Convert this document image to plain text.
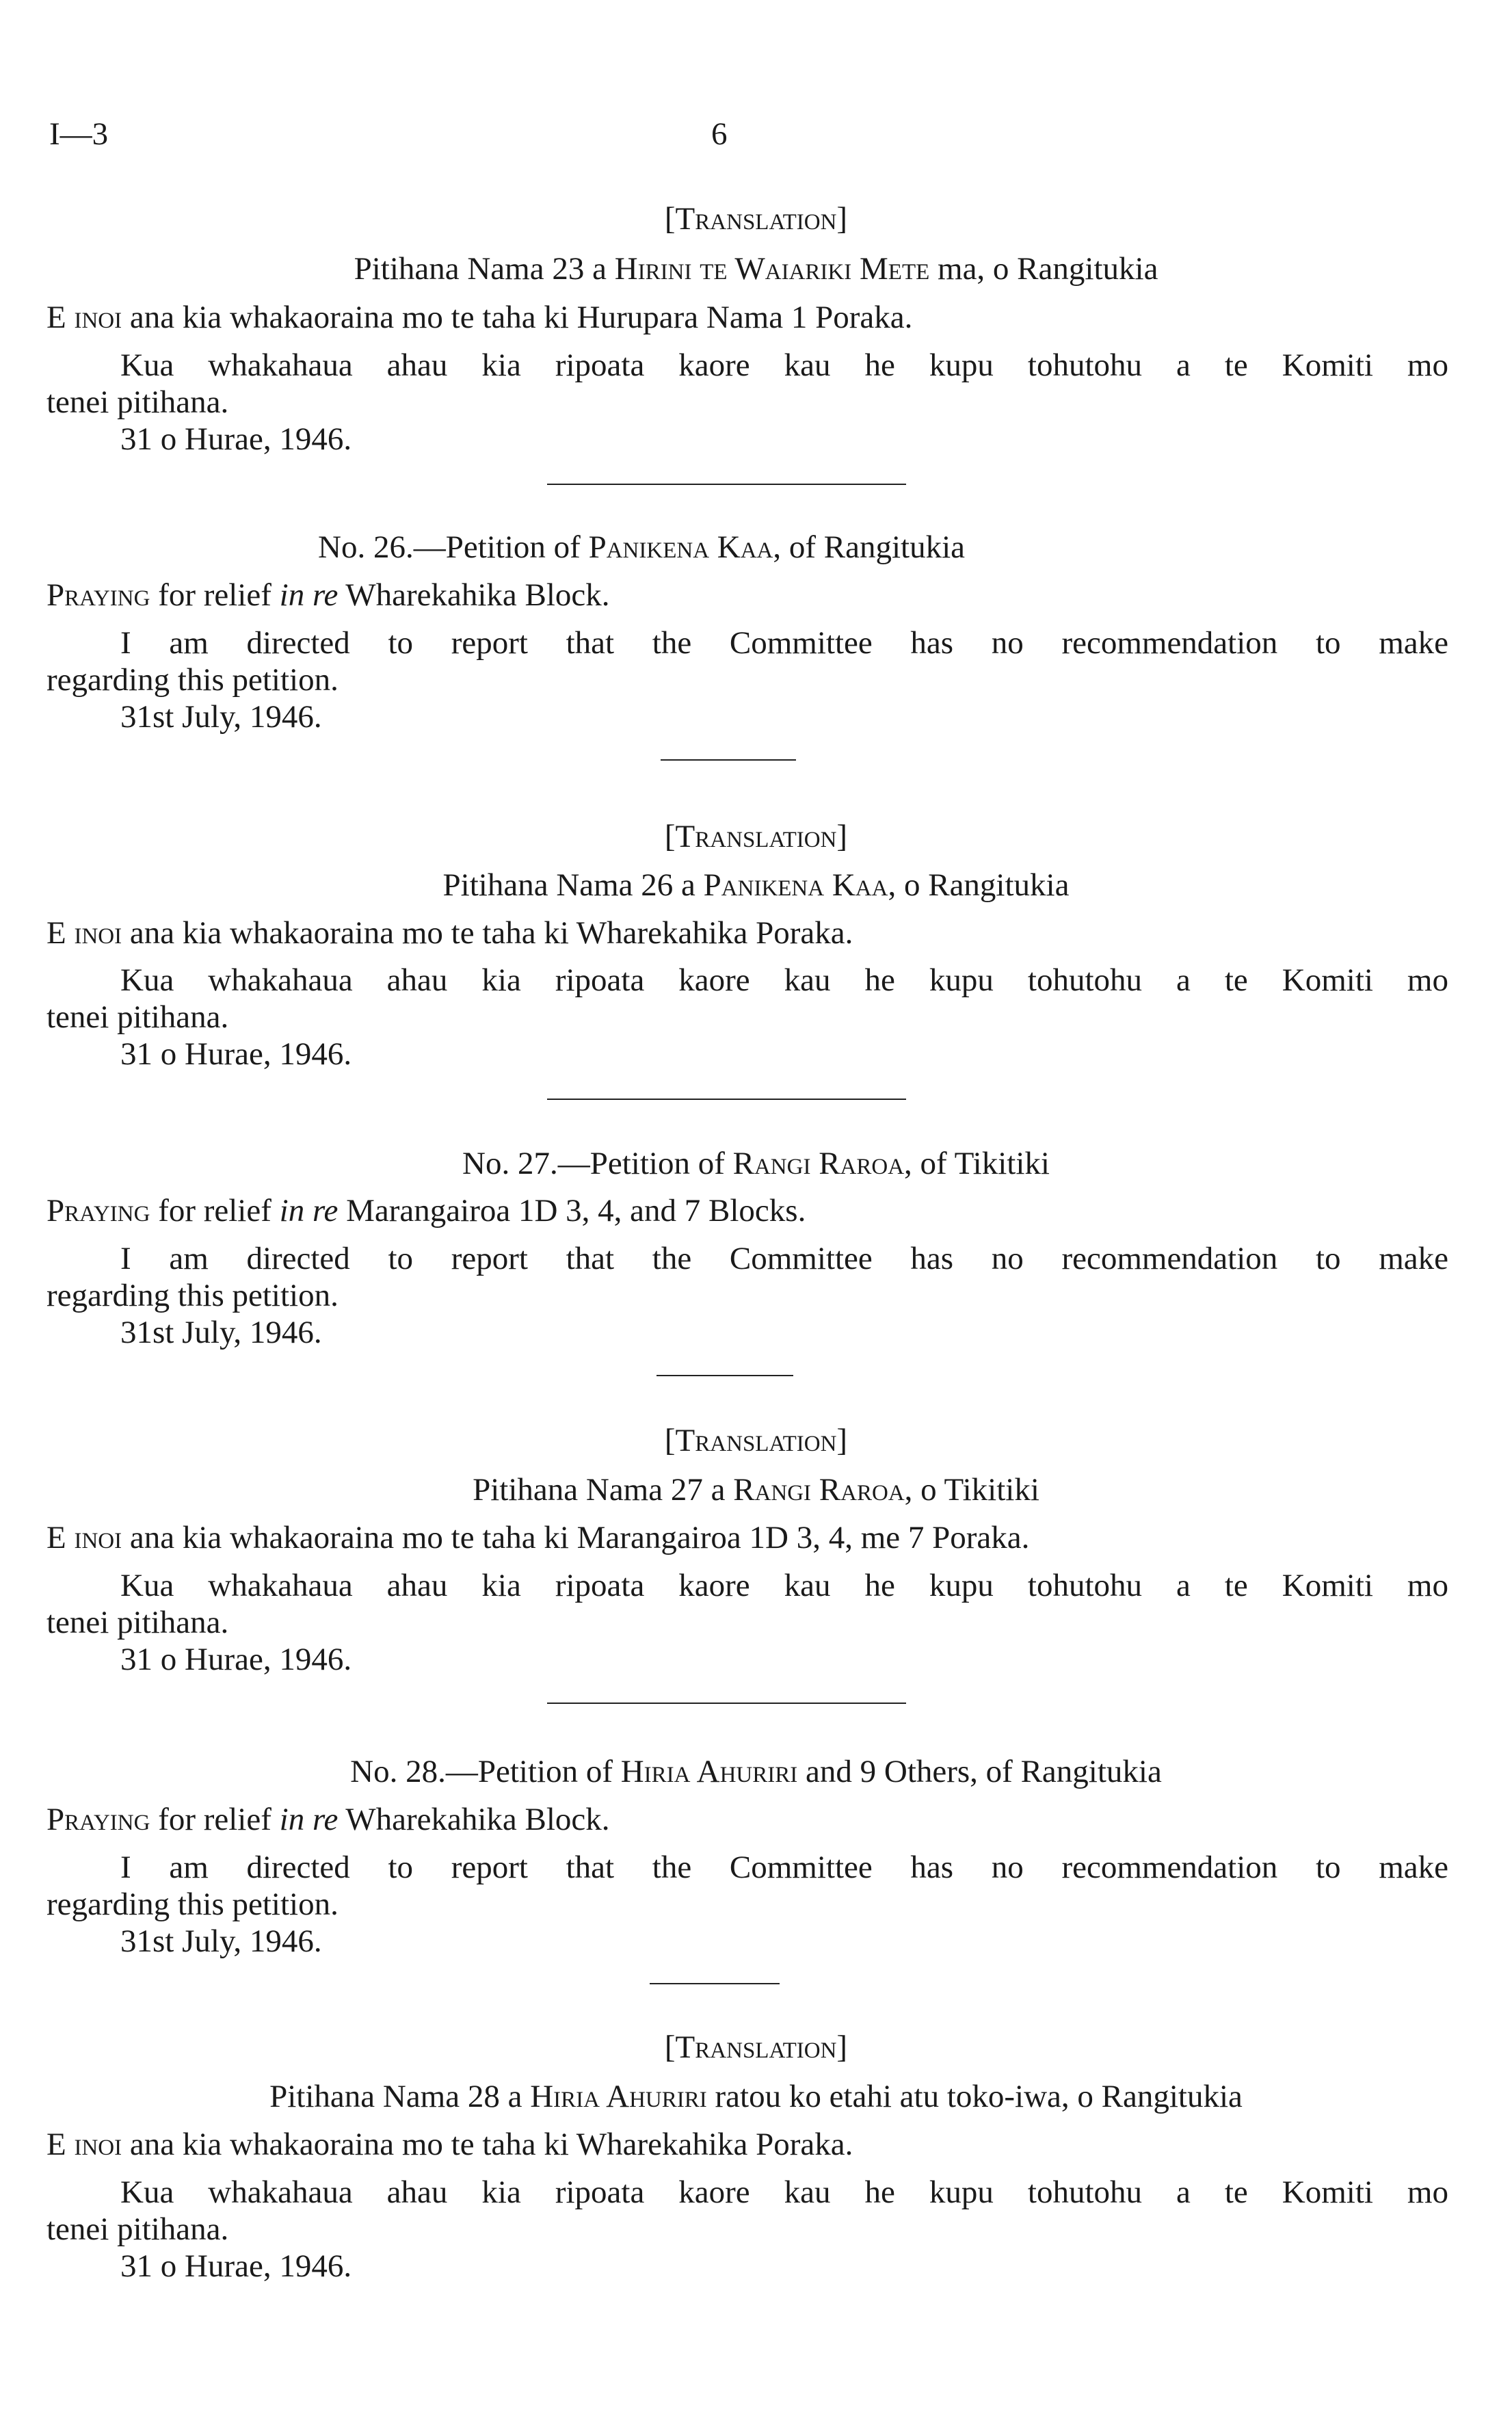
I—3	6
[Translation]
Pitihana Nama 23 a Hirini te Waiariki Mete ma, o Rangitukia
E inoi ana kia whakaoraina mo te taha ki Hurupara Nama 1 Poraka.
Kua whakahaua ahau kia ripoata kaore kau he kupu tohutohu a te Komiti mo
tenei pitihana.
31 o Hurae, 1946.
No. 26.—Petition of Panikena Kaa, of Rangitukia
Praying for relief in re Wharekahika Block.
I am directed to report that the Committee has no recommendation to make
regarding this petition.
31st July, 1946.
[Translation]
Pitihana Nama 26 a Panikena Kaa, o Rangitukia
E inoi ana kia whakaoraina mo te taha ki Wharekahika Poraka.
Kua whakahaua ahau kia ripoata kaore kau he kupu tohutohu a te Komiti mo
tenei pitihana.
31 o Hurae, 1946.
No. 27.—Petition of Rangi Raroa, of Tikitiki
Praying for relief in re Marangairoa 1D 3, 4, and 7 Blocks.
I am directed to report that the Committee has no recommendation to make
regarding this petition.
31st July, 1946.
[Translation]
Pitihana Nama 27 a Rangi Raroa, o Tikitiki
E inoi ana kia whakaoraina mo te taha ki Marangairoa 1D 3, 4, me 7 Poraka.
Kua whakahaua ahau kia ripoata kaore kau he kupu tohutohu a te Komiti mo
tenei pitihana.
31 o Hurae, 1946.
No. 28.—Petition of Hiria Ahuriri and 9 Others, of Rangitukia
Praying for relief in re Wharekahika Block.
I am directed to report that the Committee has no recommendation to make
regarding this petition.
31st July, 1946.
[Translation]
Pitihana Nama 28 a Hiria Ahuriri ratou ko etahi atu toko-iwa, o Rangitukia
E inoi ana kia whakaoraina mo te taha ki Wharekahika Poraka.
Kua whakahaua ahau kia ripoata kaore kau he kupu tohutohu a te Komiti mo
tenei pitihana.
31 o Hurae, 1946.
